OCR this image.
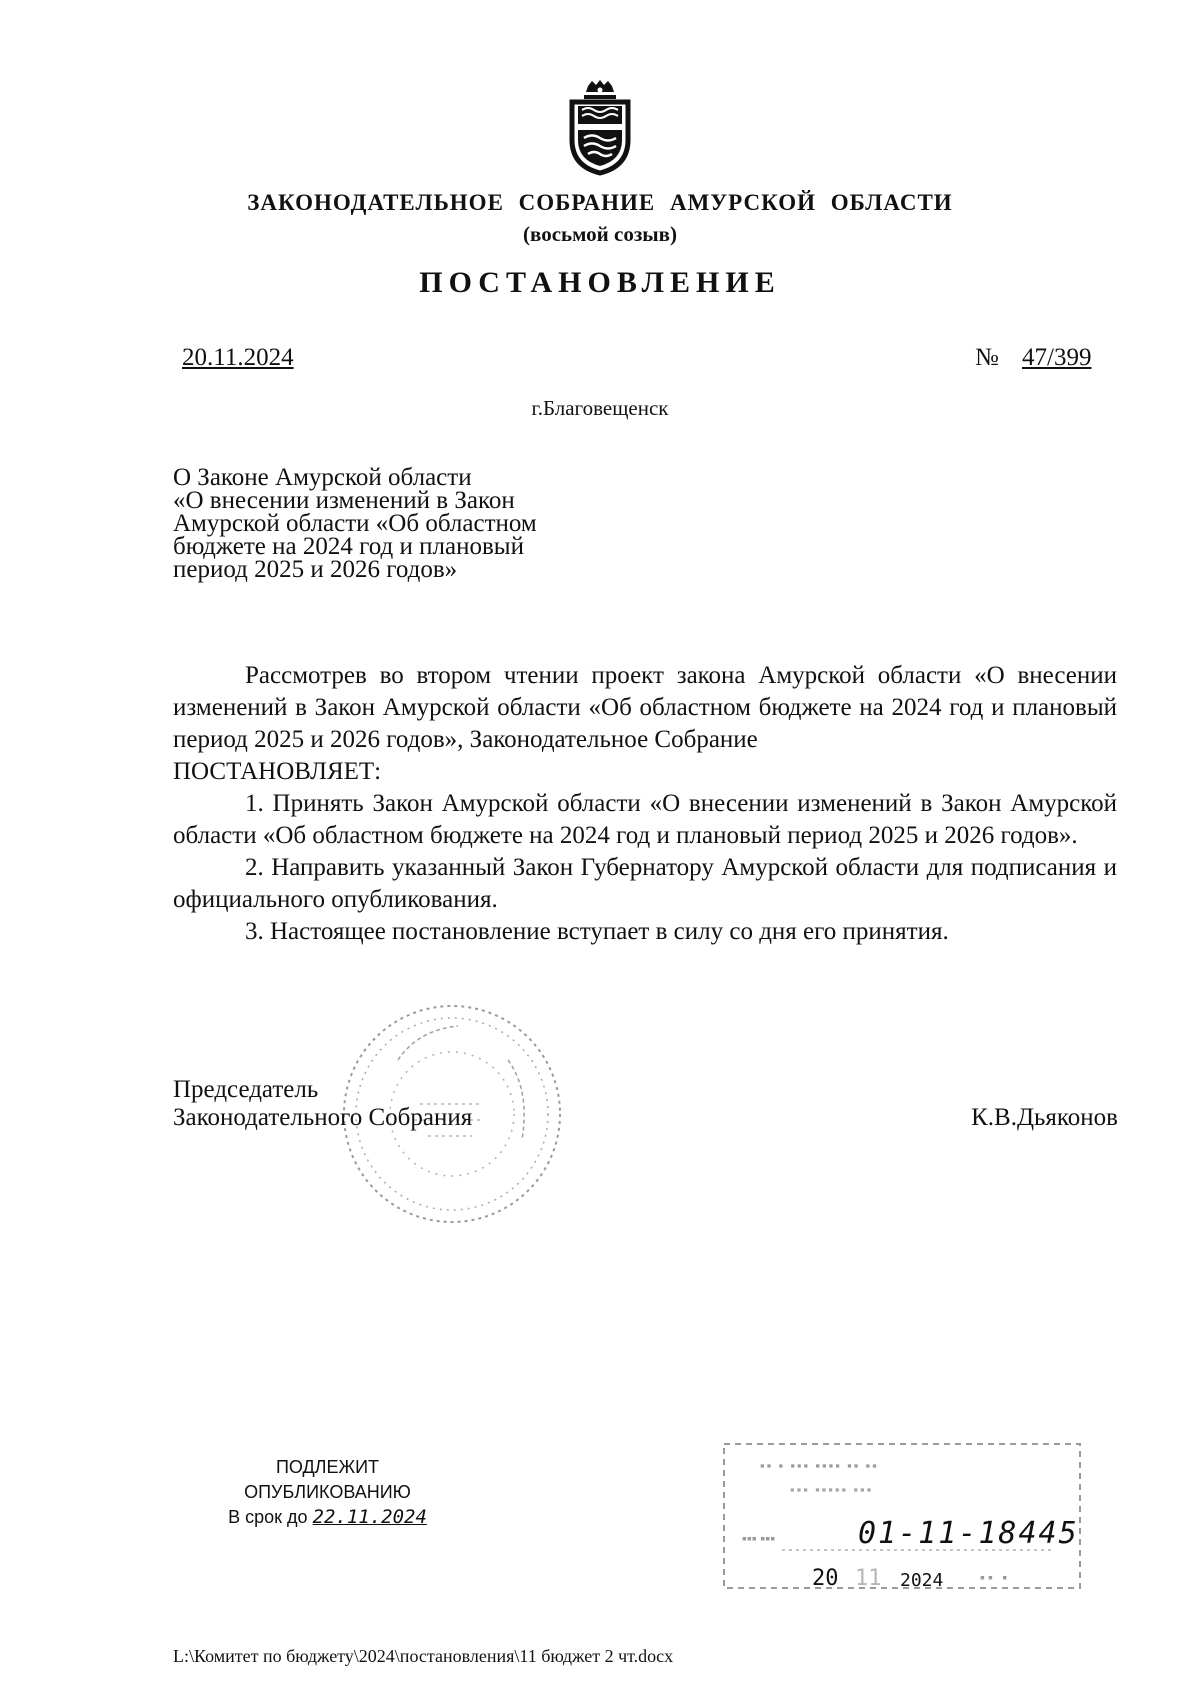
ЗАКОНОДАТЕЛЬНОЕ СОБРАНИЕ АМУРСКОЙ ОБЛАСТИ
(восьмой созыв)
ПОСТАНОВЛЕНИЕ
20.11.2024	№ 47/399
г.Благовещенск
О Законе Амурской области
«О внесении изменений в Закон
Амурской области «Об областном
бюджете на 2024 год и плановый
период 2025 и 2026 годов»

Рассмотрев во втором чтении проект закона Амурской области «О внесении изменений в Закон Амурской области «Об областном бюджете на 2024 год и плановый период 2025 и 2026 годов», Законодательное Собрание

ПОСТАНОВЛЯЕТ:

1. Принять Закон Амурской области «О внесении изменений в Закон Амурской области «Об областном бюджете на 2024 год и плановый период 2025 и 2026 годов».

2. Направить указанный Закон Губернатору Амурской области для подписания и официального опубликования.

3. Настоящее постановление вступает в силу со дня его принятия.

Председатель
Законодательного Собрания	К.В.Дьяконов
ПОДЛЕЖИТ
ОПУБЛИКОВАНИЮ
В срок до 22.11.2024
▪▪ ▪ ▪▪▪ ▪▪▪▪ ▪▪ ▪▪
▪▪▪ ▪▪▪▪▪ ▪▪▪
▪▪▪ ▪▪▪	01-11-18445
20 11 2024	▪▪ ▪
L:\Комитет по бюджету\2024\постановления\11 бюджет 2 чт.docx
